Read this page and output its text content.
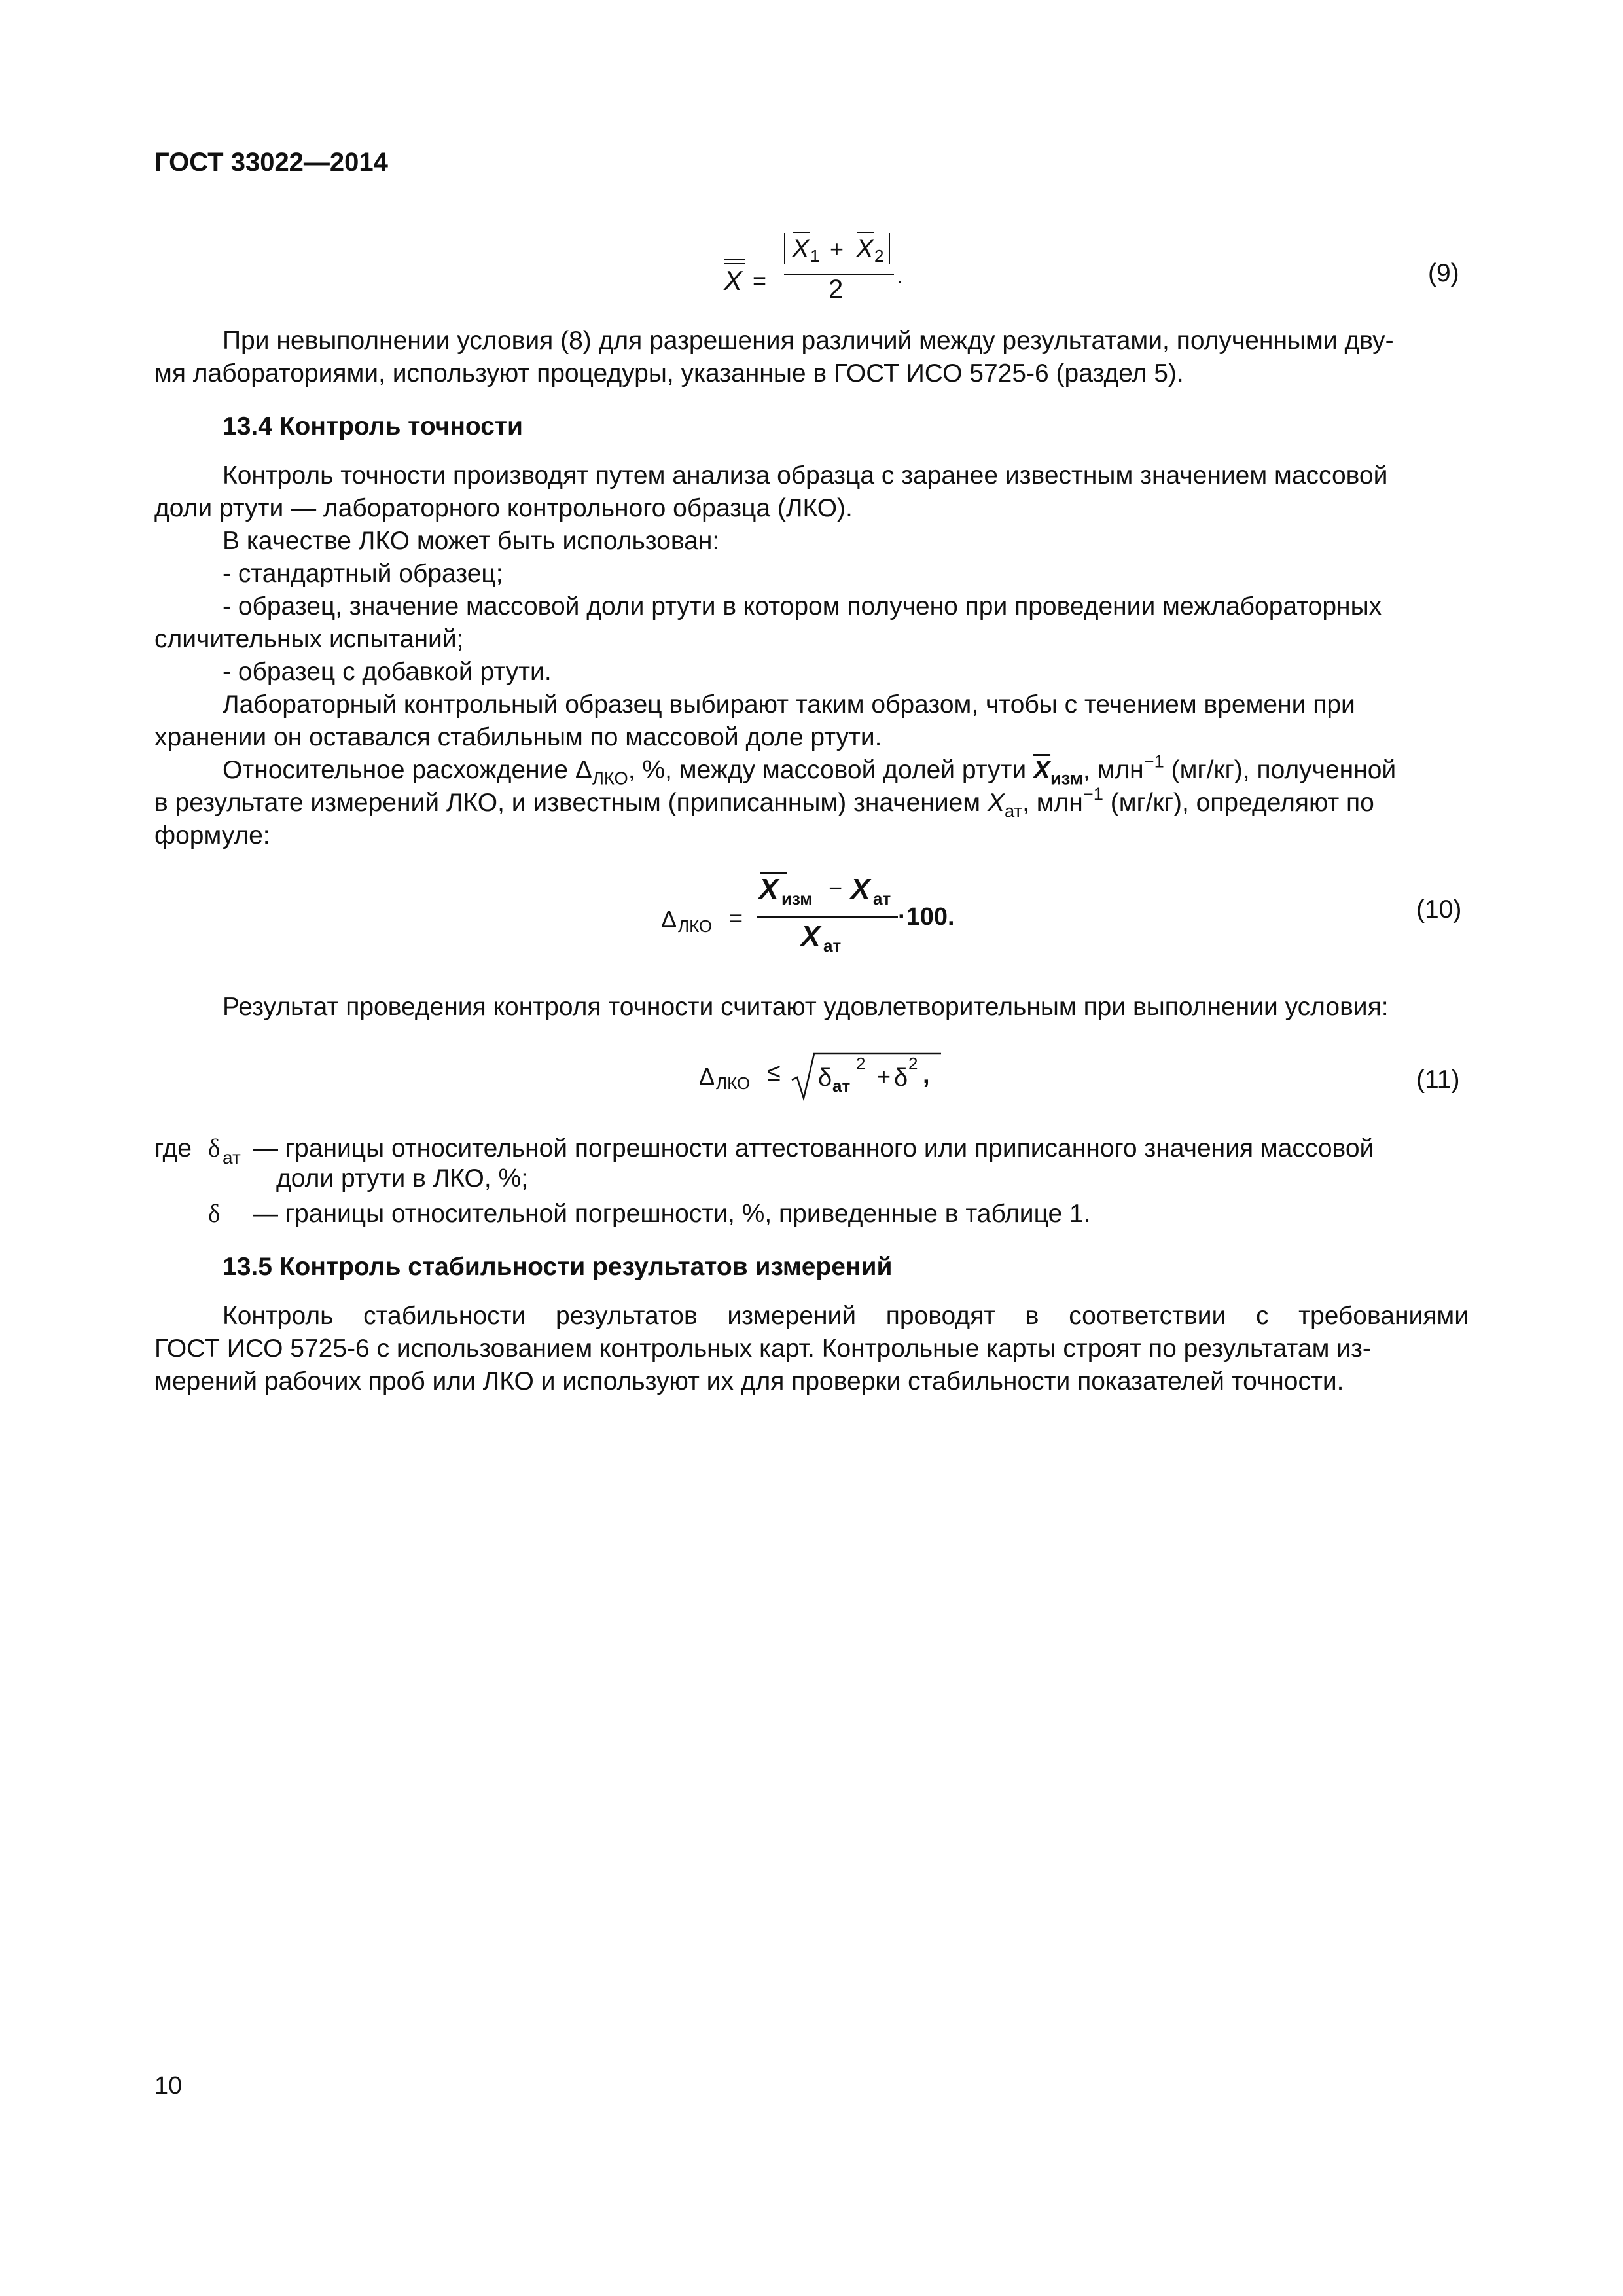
ГОСТ 33022—2014
X =
X 1 + X 2
2 .	(9)
При невыполнении условия (8) для разрешения различий между результатами, полученными дву-
мя лабораториями, используют процедуры, указанные в ГОСТ ИСО 5725-6 (раздел 5).
13.4 Контроль точности
Контроль точности производят путем анализа образца с заранее известным значением массовой
доли ртути — лабораторного контрольного образца (ЛКО).
В качестве ЛКО может быть использован:
- стандартный образец;
- образец, значение массовой доли ртути в котором получено при проведении межлабораторных
сличительных испытаний;
- образец с добавкой ртути.
Лабораторный контрольный образец выбирают таким образом, чтобы с течением времени при
хранении он оставался стабильным по массовой доле ртути.
Относительное расхождение $\Delta_{ЛКО}$, %, между массовой долей ртути $\overline{X}_{изм}$, млн$^{-1}$ (мг/кг), полученной
в результате измерений ЛКО, и известным (приписанным) значением $X_{ат}$, млн$^{-1}$ (мг/кг), определяют по
формуле:
Δ ЛКО =
X изм − X ат
X ат
·100.	(10)
Результат проведения контроля точности считают удовлетворительным при выполнении условия:
Δ ЛКО ≤ δ ат
2 + δ
2 ,	(11)
где δ ат — границы относительной погрешности аттестованного или приписанного значения массовой
доли ртути в ЛКО, %;
δ — границы относительной погрешности, %, приведенные в таблице 1.
13.5 Контроль стабильности результатов измерений
Контроль стабильности результатов измерений проводят в соответствии с требованиями
ГОСТ ИСО 5725-6 с использованием контрольных карт. Контрольные карты строят по результатам из-
мерений рабочих проб или ЛКО и используют их для проверки стабильности показателей точности.
10
